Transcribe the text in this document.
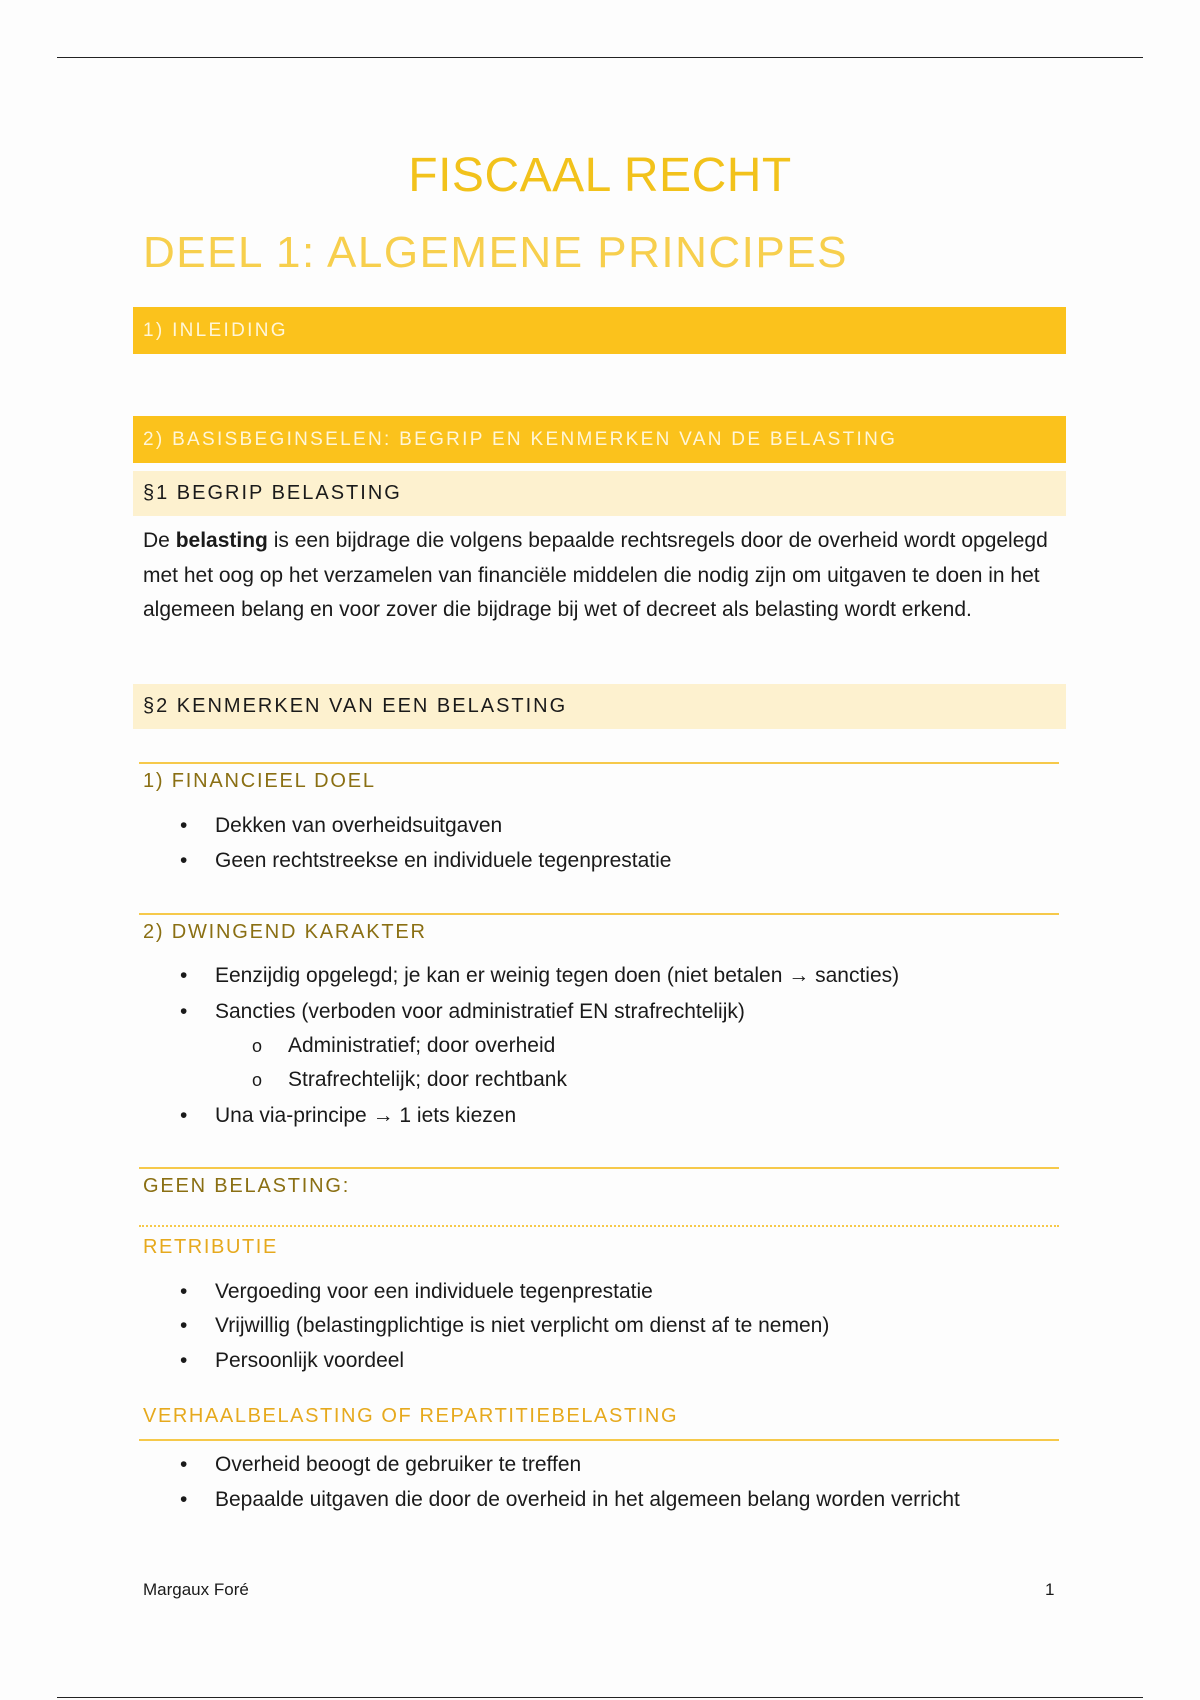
FISCAAL RECHT
DEEL 1: ALGEMENE PRINCIPES
1) INLEIDING
2) BASISBEGINSELEN: BEGRIP EN KENMERKEN VAN DE BELASTING
§1 BEGRIP BELASTING

De belasting is een bijdrage die volgens bepaalde rechtsregels door de overheid wordt opgelegd met het oog op het verzamelen van financiële middelen die nodig zijn om uitgaven te doen in het algemeen belang en voor zover die bijdrage bij wet of decreet als belasting wordt erkend.

§2 KENMERKEN VAN EEN BELASTING
1) FINANCIEEL DOEL
•	Dekken van overheidsuitgaven
•	Geen rechtstreekse en individuele tegenprestatie
2) DWINGEND KARAKTER
•	Eenzijdig opgelegd; je kan er weinig tegen doen (niet betalen → sancties)
•	Sancties (verboden voor administratief EN strafrechtelijk)
o	Administratief; door overheid
o	Strafrechtelijk; door rechtbank
•	Una via-principe → 1 iets kiezen
GEEN BELASTING:
RETRIBUTIE
•	Vergoeding voor een individuele tegenprestatie
•	Vrijwillig (belastingplichtige is niet verplicht om dienst af te nemen)
•	Persoonlijk voordeel
VERHAALBELASTING OF REPARTITIEBELASTING
•	Overheid beoogt de gebruiker te treffen
•	Bepaalde uitgaven die door de overheid in het algemeen belang worden verricht
Margaux Foré	1
